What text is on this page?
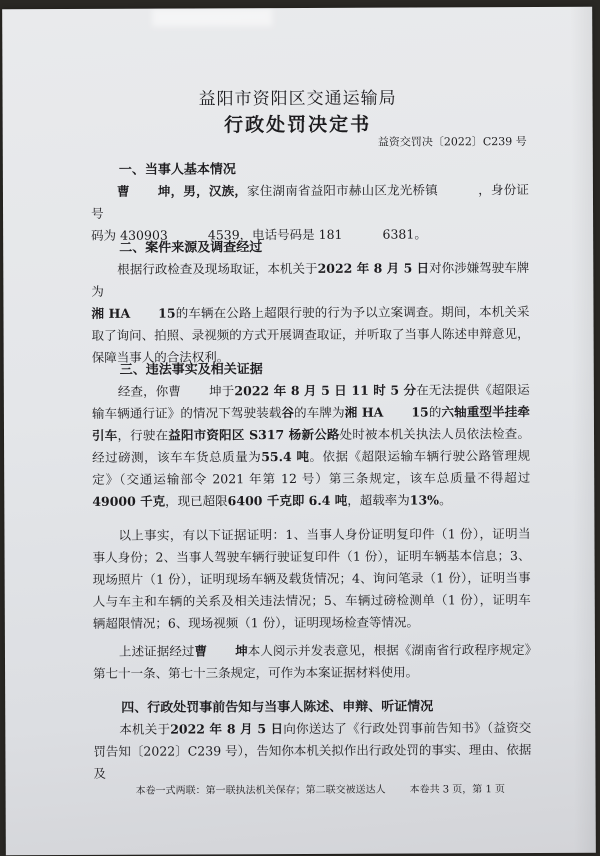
益阳市资阳区交通运输局
行政处罚决定书
益资交罚决〔2022〕C239 号
一、当事人基本情况
曹 坤，男，汉族，家住湖南省益阳市赫山区龙光桥镇	，身份证号
码为 430903	4539，电话号码是 181	6381。
二、案件来源及调查经过
根据行政检查及现场取证，本机关于2022 年 8 月 5 日对你涉嫌驾驶车牌为
湘 HA 15的车辆在公路上超限行驶的行为予以立案调查。期间，本机关采取了询问、拍照、录视频的方式开展调查取证，并听取了当事人陈述申辩意见，保障当事人的合法权利。
三、违法事实及相关证据
经查，你曹 坤于2022 年 8 月 5 日 11 时 5 分在无法提供《超限运输车辆通行证》的情况下驾驶装载谷的车牌为湘 HA 15的六轴重型半挂牵引车，行驶在益阳市资阳区 S317 杨新公路处时被本机关执法人员依法检查。经过磅测，该车车货总质量为55.4 吨。依据《超限运输车辆行驶公路管理规定》（交通运输部令 2021 年第 12 号）第三条规定，该车总质量不得超过49000 千克，现已超限6400 千克即 6.4 吨，超载率为13%。
以上事实，有以下证据证明：1、当事人身份证明复印件（1 份），证明当事人身份；2、当事人驾驶车辆行驶证复印件（1 份），证明车辆基本信息；3、现场照片（1 份），证明现场车辆及载货情况；4、询问笔录（1 份），证明当事人与车主和车辆的关系及相关违法情况；5、车辆过磅检测单（1 份），证明车辆超限情况；6、现场视频（1 份），证明现场检查等情况。
上述证据经过曹 坤本人阅示并发表意见，根据《湖南省行政程序规定》第七十一条、第七十三条规定，可作为本案证据材料使用。
四、行政处罚事前告知与当事人陈述、申辩、听证情况
本机关于2022 年 8 月 5 日向你送达了《行政处罚事前告知书》（益资交罚告知〔2022〕C239 号），告知你本机关拟作出行政处罚的事实、理由、依据及
本卷一式两联：第一联执法机关保存；第二联交被送达人 本卷共 3 页，第 1 页
